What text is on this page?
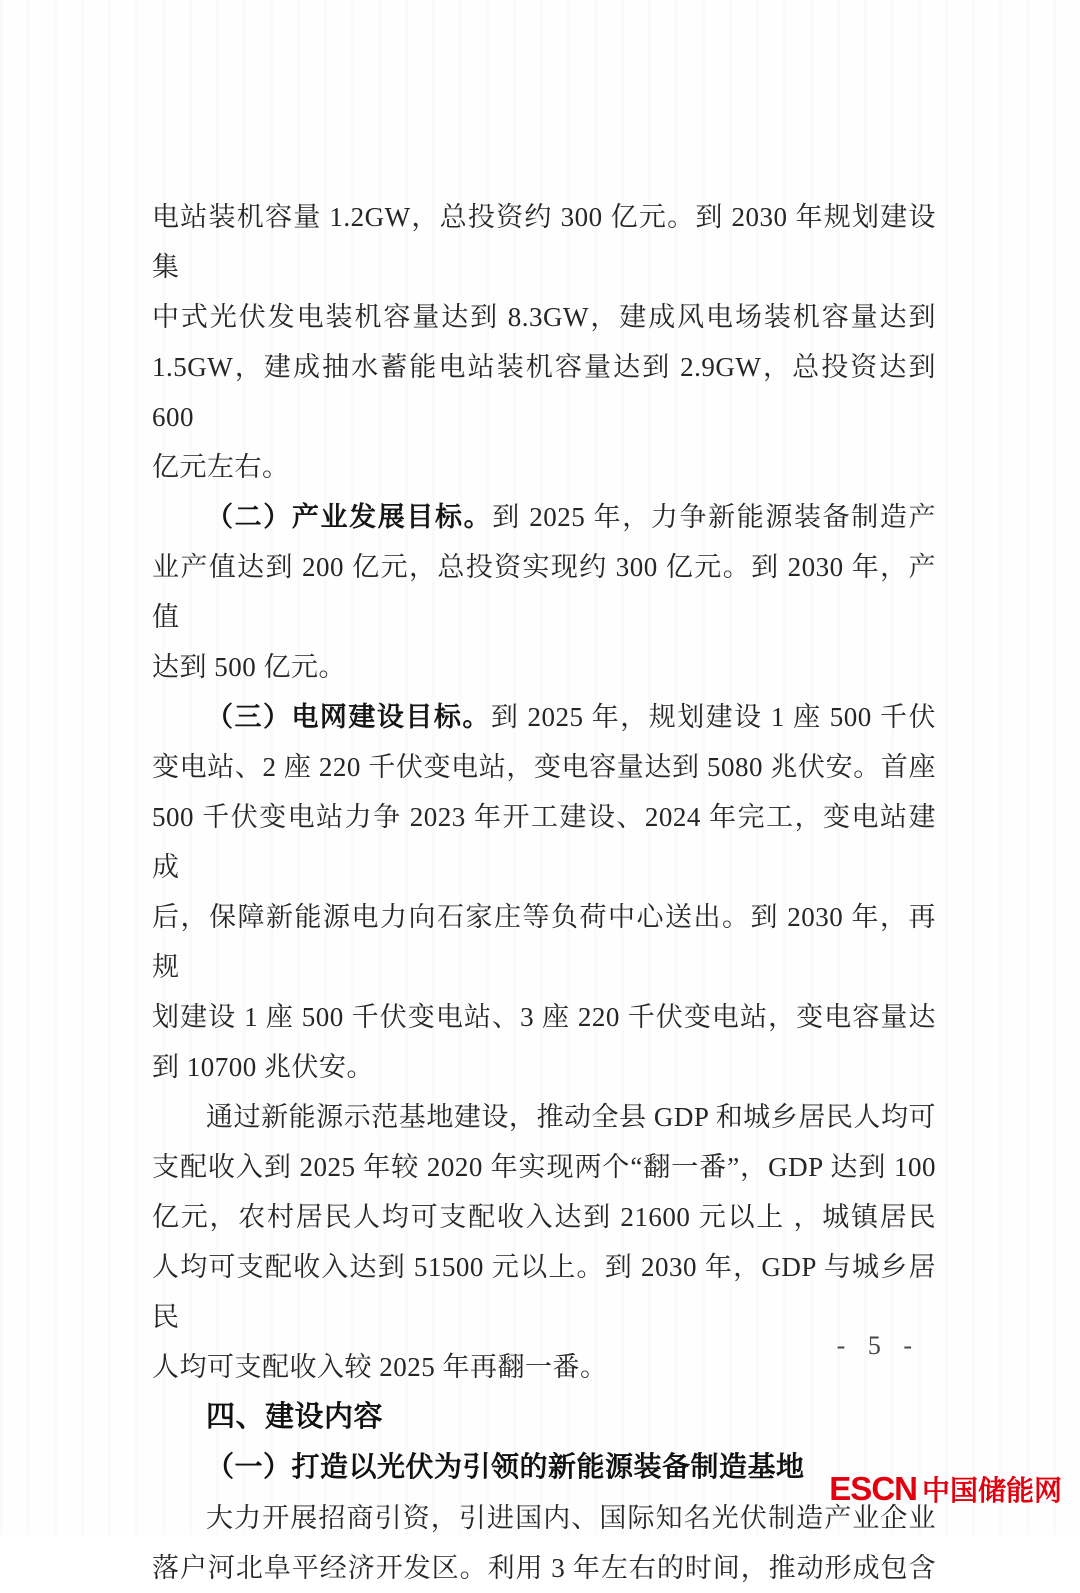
电站装机容量 1.2GW，总投资约 300 亿元。到 2030 年规划建设集
中式光伏发电装机容量达到 8.3GW，建成风电场装机容量达到
1.5GW，建成抽水蓄能电站装机容量达到 2.9GW，总投资达到 600
亿元左右。
（二）产业发展目标。到 2025 年，力争新能源装备制造产
业产值达到 200 亿元，总投资实现约 300 亿元。到 2030 年，产值
达到 500 亿元。
（三）电网建设目标。到 2025 年，规划建设 1 座 500 千伏
变电站、2 座 220 千伏变电站，变电容量达到 5080 兆伏安。首座
500 千伏变电站力争 2023 年开工建设、2024 年完工，变电站建成
后，保障新能源电力向石家庄等负荷中心送出。到 2030 年，再规
划建设 1 座 500 千伏变电站、3 座 220 千伏变电站，变电容量达
到 10700 兆伏安。
通过新能源示范基地建设，推动全县 GDP 和城乡居民人均可
支配收入到 2025 年较 2020 年实现两个“翻一番”，GDP 达到 100
亿元，农村居民人均可支配收入达到 21600 元以上 ，城镇居民
人均可支配收入达到 51500 元以上。到 2030 年，GDP 与城乡居民
人均可支配收入较 2025 年再翻一番。
四、建设内容
（一）打造以光伏为引领的新能源装备制造基地
大力开展招商引资，引进国内、国际知名光伏制造产业企业
落户河北阜平经济开发区。利用 3 年左右的时间，推动形成包含
- 5 -
ESCN 中国储能网
